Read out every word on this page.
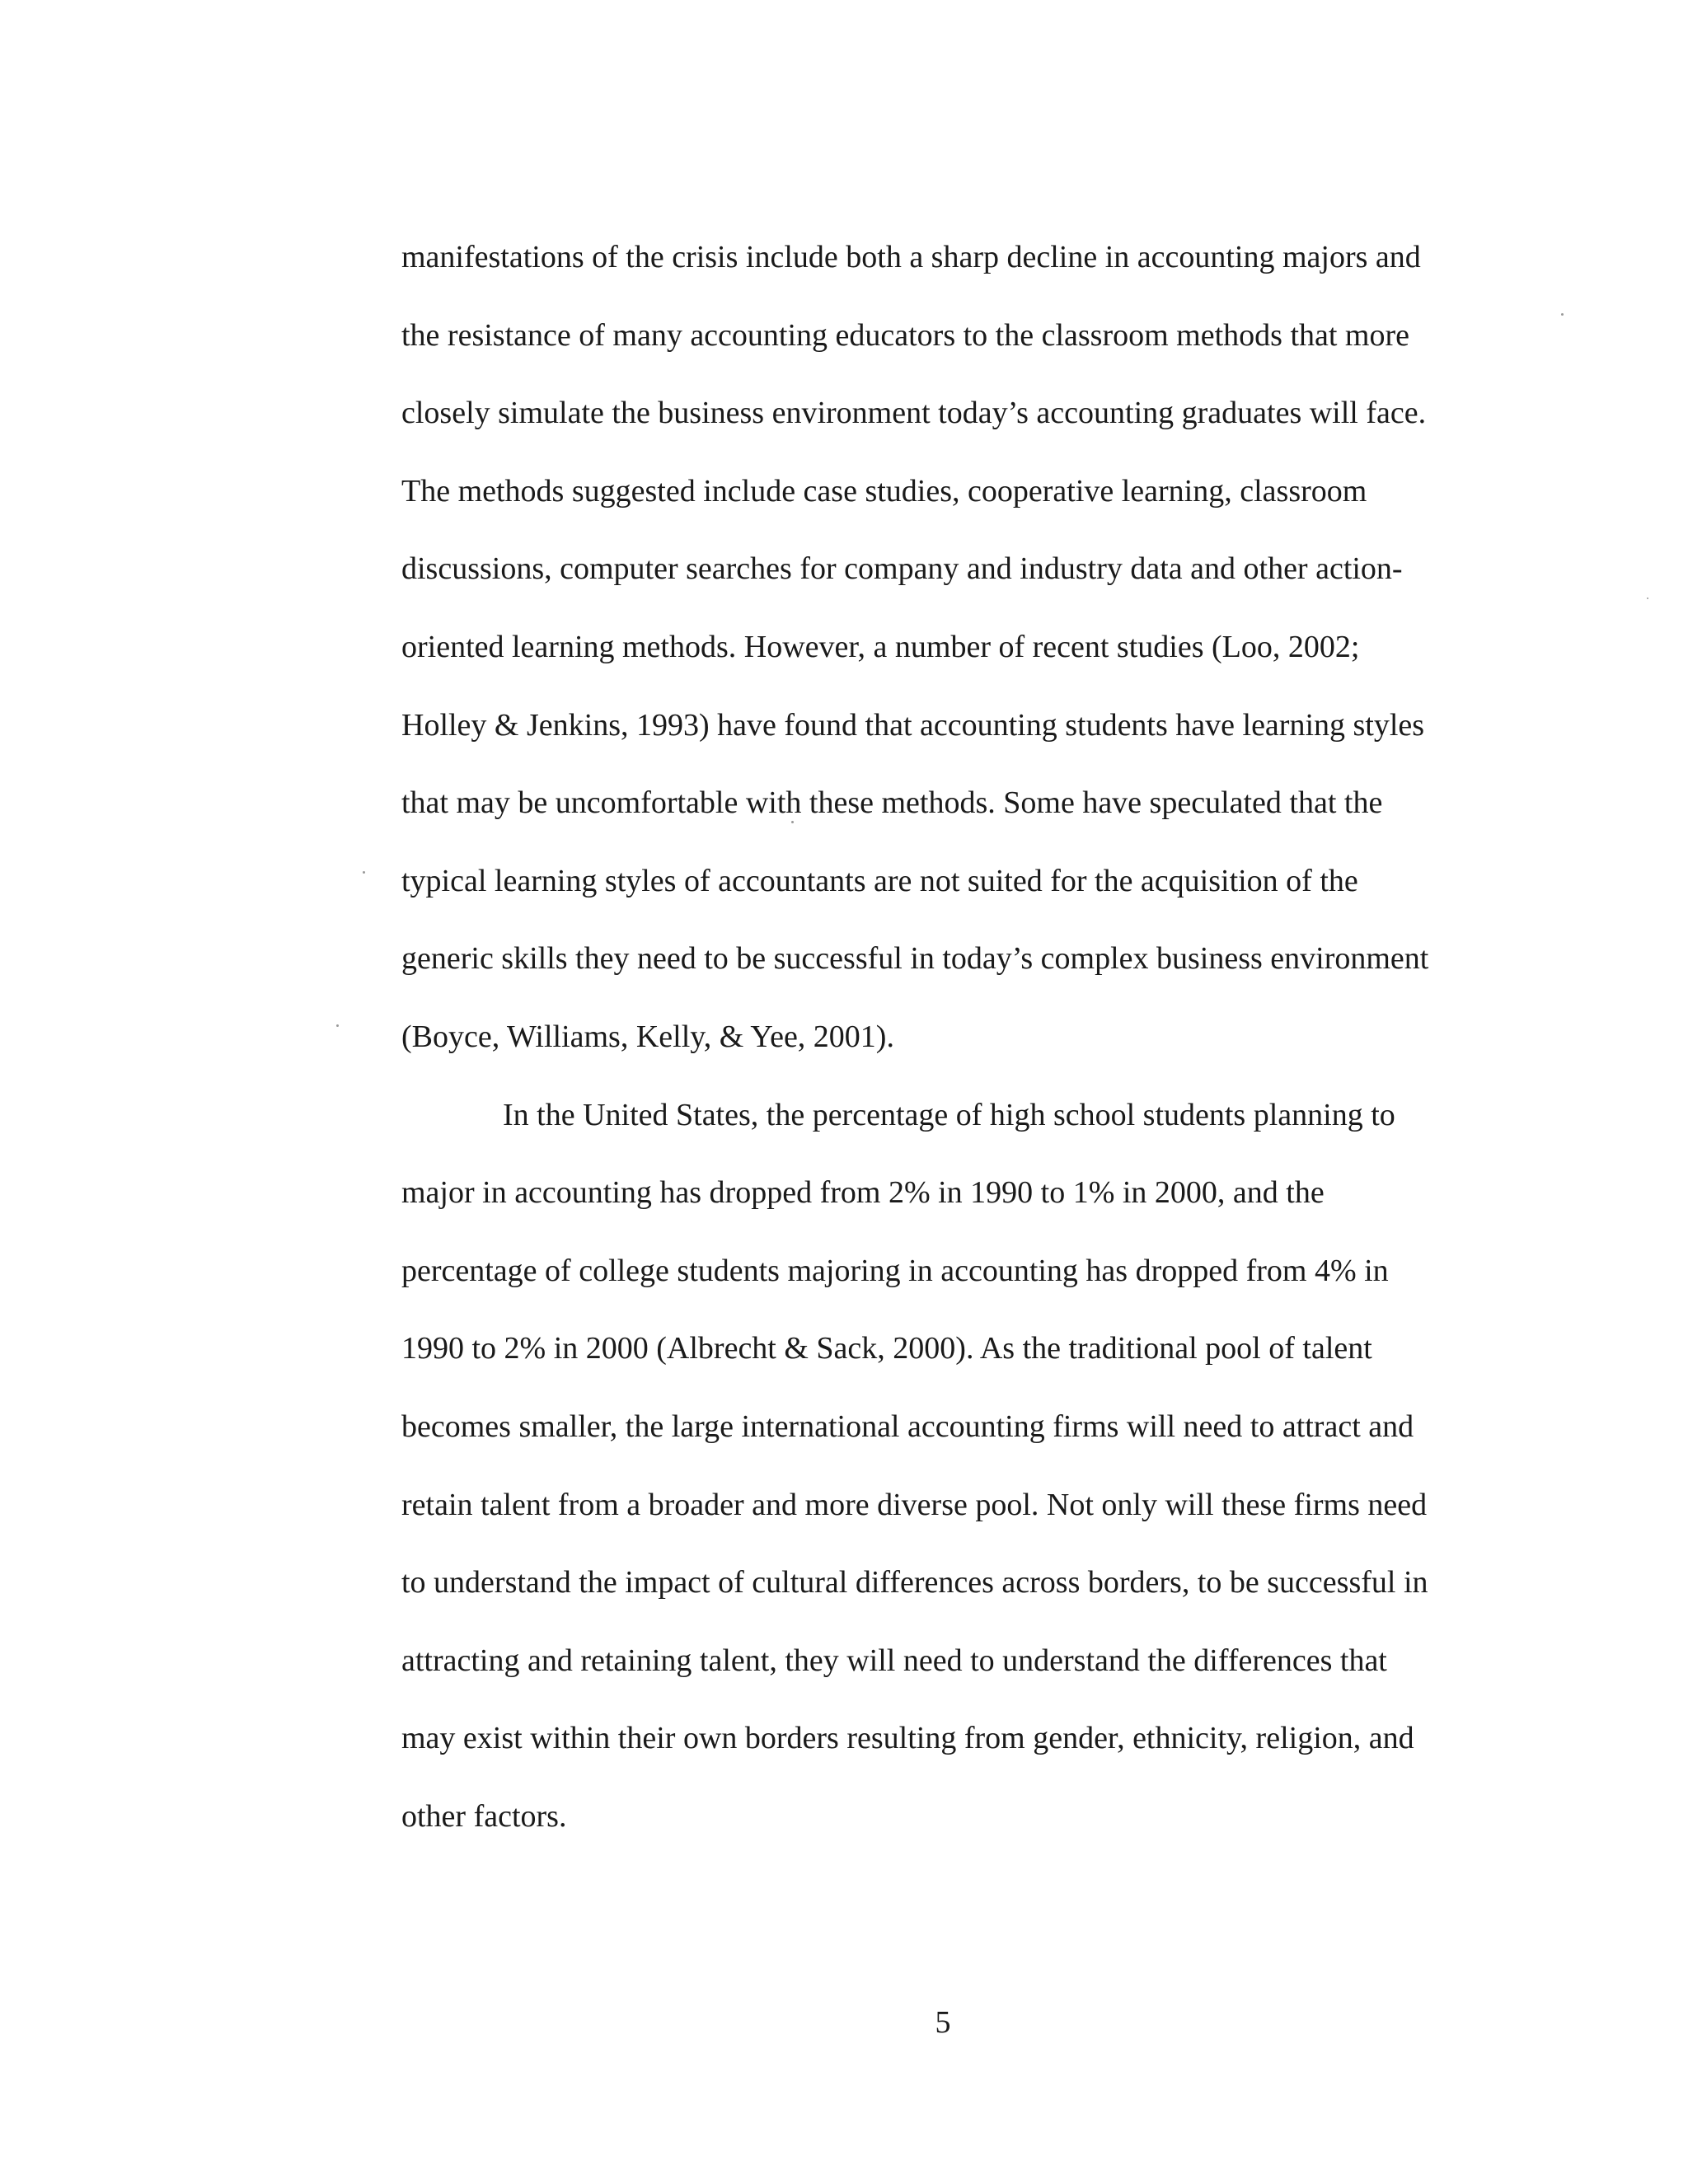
manifestations of the crisis include both a sharp decline in accounting majors and
the resistance of many accounting educators to the classroom methods that more
closely simulate the business environment today’s accounting graduates will face.
The methods suggested include case studies, cooperative learning, classroom
discussions, computer searches for company and industry data and other action-
oriented learning methods. However, a number of recent studies (Loo, 2002;
Holley & Jenkins, 1993) have found that accounting students have learning styles
that may be uncomfortable with these methods. Some have speculated that the
typical learning styles of accountants are not suited for the acquisition of the
generic skills they need to be successful in today’s complex business environment
(Boyce, Williams, Kelly, & Yee, 2001).
In the United States, the percentage of high school students planning to
major in accounting has dropped from 2% in 1990 to 1% in 2000, and the
percentage of college students majoring in accounting has dropped from 4% in
1990 to 2% in 2000 (Albrecht & Sack, 2000). As the traditional pool of talent
becomes smaller, the large international accounting firms will need to attract and
retain talent from a broader and more diverse pool. Not only will these firms need
to understand the impact of cultural differences across borders, to be successful in
attracting and retaining talent, they will need to understand the differences that
may exist within their own borders resulting from gender, ethnicity, religion, and
other factors.
5
